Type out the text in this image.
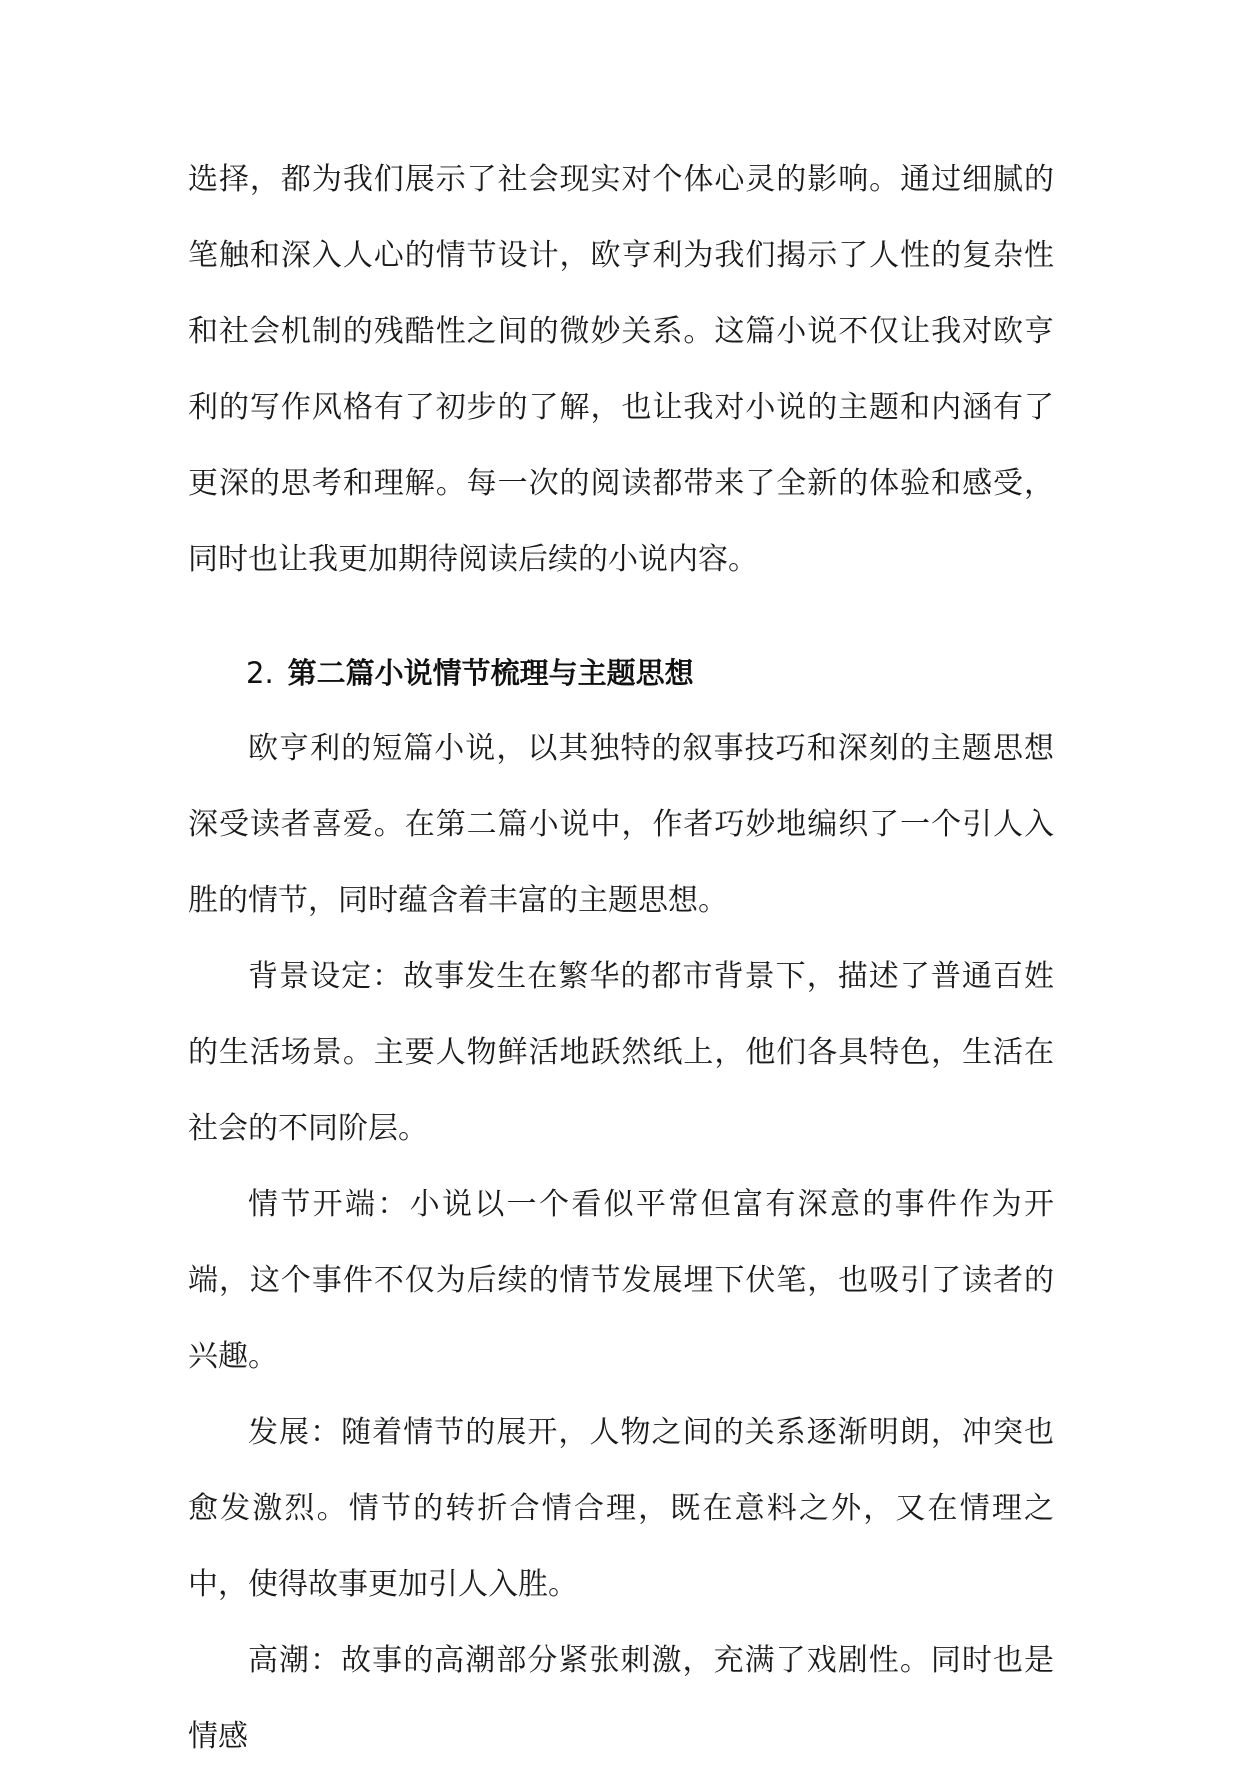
选择，都为我们展示了社会现实对个体心灵的影响。通过细腻的笔触和深入人心的情节设计，欧亨利为我们揭示了人性的复杂性和社会机制的残酷性之间的微妙关系。这篇小说不仅让我对欧亨利的写作风格有了初步的了解，也让我对小说的主题和内涵有了更深的思考和理解。每一次的阅读都带来了全新的体验和感受，同时也让我更加期待阅读后续的小说内容。

2. 第二篇小说情节梳理与主题思想

欧亨利的短篇小说，以其独特的叙事技巧和深刻的主题思想深受读者喜爱。在第二篇小说中，作者巧妙地编织了一个引人入胜的情节，同时蕴含着丰富的主题思想。

背景设定：故事发生在繁华的都市背景下，描述了普通百姓的生活场景。主要人物鲜活地跃然纸上，他们各具特色，生活在社会的不同阶层。

情节开端：小说以一个看似平常但富有深意的事件作为开端，这个事件不仅为后续的情节发展埋下伏笔，也吸引了读者的兴趣。

发展：随着情节的展开，人物之间的关系逐渐明朗，冲突也愈发激烈。情节的转折合情合理，既在意料之外，又在情理之中，使得故事更加引人入胜。

高潮：故事的高潮部分紧张刺激，充满了戏剧性。同时也是情感
